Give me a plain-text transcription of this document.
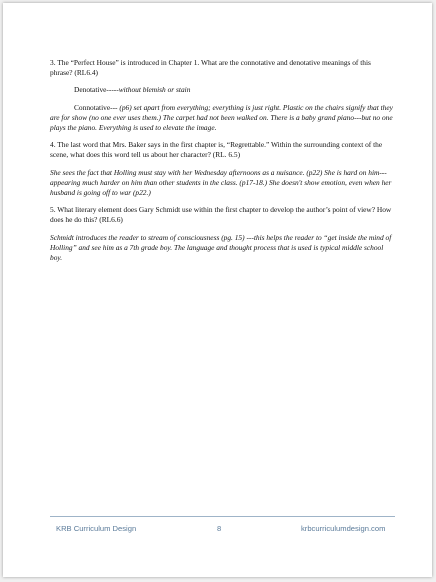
3. The “Perfect House” is introduced in Chapter 1. What are the connotative and denotative meanings of this phrase? (RL6.4)

Denotative-----without blemish or stain

Connotative--- (p6) set apart from everything; everything is just right. Plastic on the chairs signify that they are for show (no one ever uses them.) The carpet had not been walked on. There is a baby grand piano---but no one plays the piano. Everything is used to elevate the image.

4. The last word that Mrs. Baker says in the first chapter is, “Regrettable.” Within the surrounding context of the scene, what does this word tell us about her character? (RL. 6.5)

She sees the fact that Holling must stay with her Wednesday afternoons as a nuisance. (p22) She is hard on him---appearing much harder on him than other students in the class. (p17-18.) She doesn't show emotion, even when her husband is going off to war (p22.)

5. What literary element does Gary Schmidt use within the first chapter to develop the author’s point of view? How does he do this? (RL6.6)

Schmidt introduces the reader to stream of consciousness (pg. 15) ---this helps the reader to “get inside the mind of Holling” and see him as a 7th grade boy. The language and thought process that is used is typical middle school boy.

KRB Curriculum Design	8	krbcurriculumdesign.com
